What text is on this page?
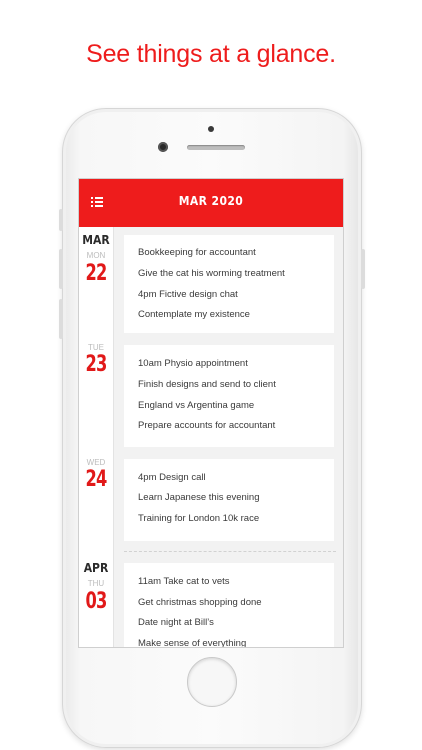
See things at a glance.
MAR 2020
MAR
MON
22
TUE
23
WED
24
APR
THU
03
Bookkeeping for accountant
Give the cat his worming treatment
4pm Fictive design chat
Contemplate my existence
10am Physio appointment
Finish designs and send to client
England vs Argentina game
Prepare accounts for accountant
4pm Design call
Learn Japanese this evening
Training for London 10k race
11am Take cat to vets
Get christmas shopping done
Date night at Bill’s
Make sense of everything
